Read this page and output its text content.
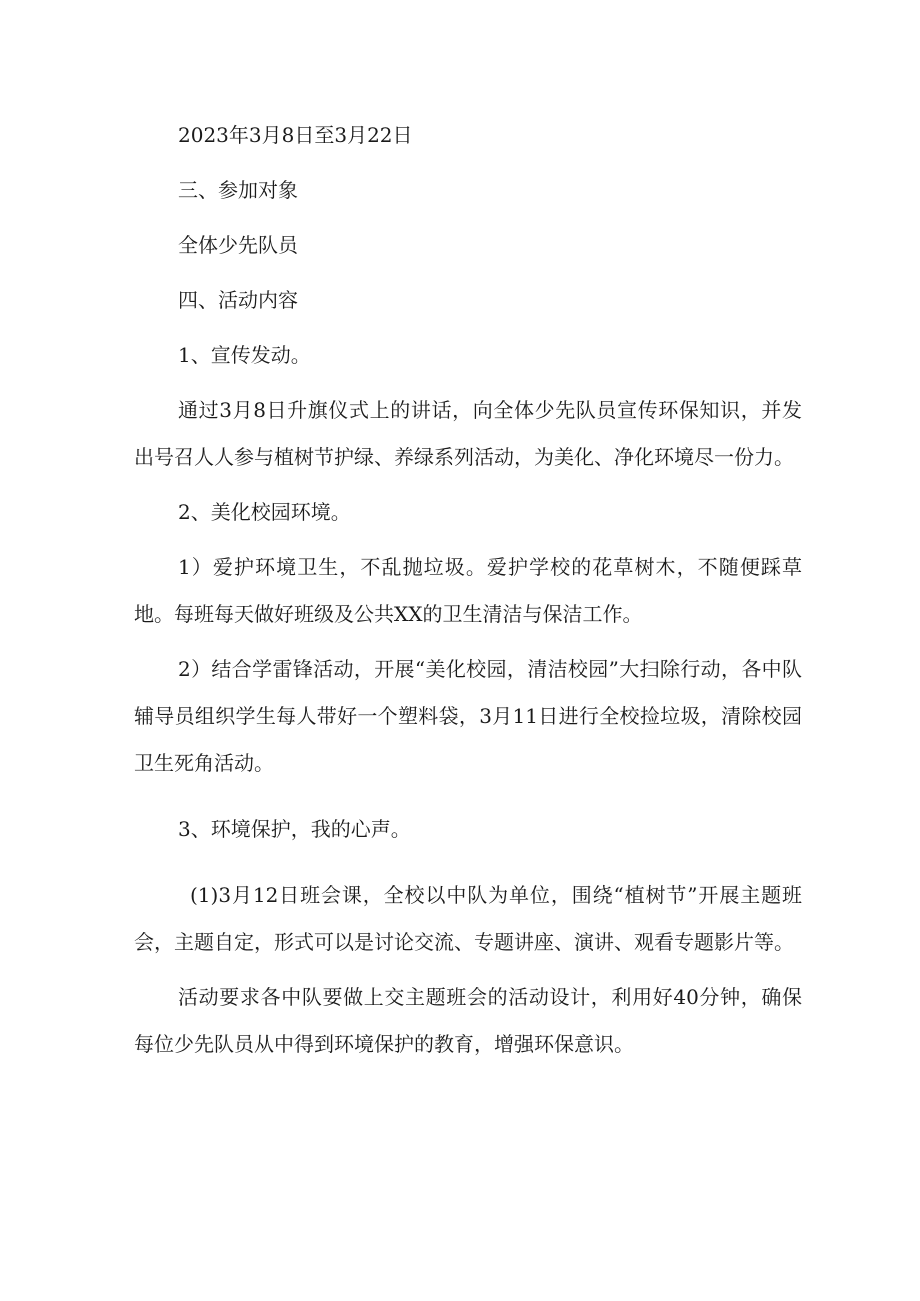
2023年3月8日至3月22日

三、参加对象

全体少先队员

四、活动内容

1、宣传发动。

通过3月8日升旗仪式上的讲话，向全体少先队员宣传环保知识，并发出号召人人参与植树节护绿、养绿系列活动，为美化、净化环境尽一份力。

2、美化校园环境。

1）爱护环境卫生，不乱抛垃圾。爱护学校的花草树木，不随便踩草地。每班每天做好班级及公共XX的卫生清洁与保洁工作。

2）结合学雷锋活动，开展“美化校园，清洁校园”大扫除行动，各中队辅导员组织学生每人带好一个塑料袋，3月11日进行全校捡垃圾，清除校园卫生死角活动。

3、环境保护，我的心声。

(1)3月12日班会课，全校以中队为单位，围绕“植树节”开展主题班会，主题自定，形式可以是讨论交流、专题讲座、演讲、观看专题影片等。

活动要求各中队要做上交主题班会的活动设计，利用好40分钟，确保每位少先队员从中得到环境保护的教育，增强环保意识。
